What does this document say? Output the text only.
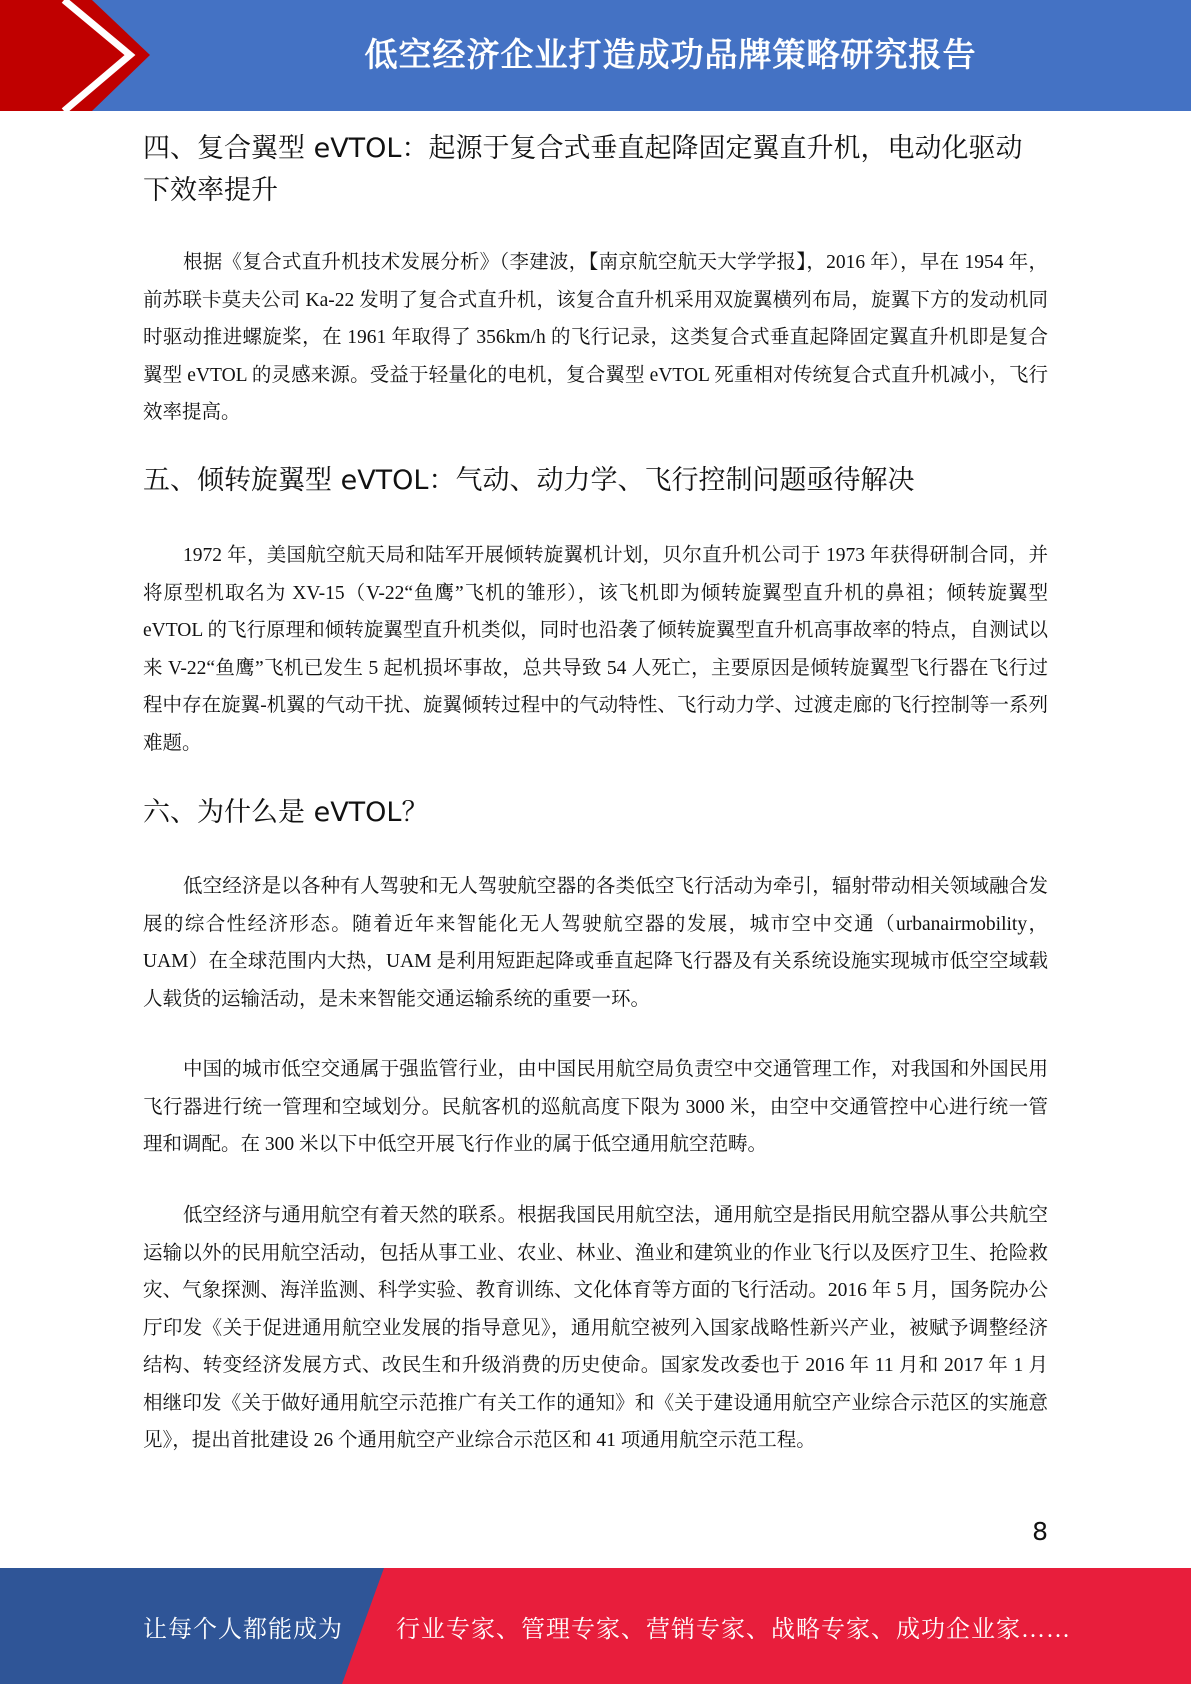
低空经济企业打造成功品牌策略研究报告
四、复合翼型 eVTOL：起源于复合式垂直起降固定翼直升机，电动化驱动下效率提升

根据《复合式直升机技术发展分析》（李建波，【南京航空航天大学学报】，2016 年），早在 1954 年，前苏联卡莫夫公司 Ka-22 发明了复合式直升机，该复合直升机采用双旋翼横列布局，旋翼下方的发动机同时驱动推进螺旋桨，在 1961 年取得了 356km/h 的飞行记录，这类复合式垂直起降固定翼直升机即是复合翼型 eVTOL 的灵感来源。受益于轻量化的电机，复合翼型 eVTOL 死重相对传统复合式直升机减小，飞行效率提高。

五、倾转旋翼型 eVTOL：气动、动力学、飞行控制问题亟待解决

1972 年，美国航空航天局和陆军开展倾转旋翼机计划，贝尔直升机公司于 1973 年获得研制合同，并将原型机取名为 XV-15（V-22“鱼鹰”飞机的雏形），该飞机即为倾转旋翼型直升机的鼻祖；倾转旋翼型 eVTOL 的飞行原理和倾转旋翼型直升机类似，同时也沿袭了倾转旋翼型直升机高事故率的特点，自测试以来 V-22“鱼鹰”飞机已发生 5 起机损坏事故，总共导致 54 人死亡，主要原因是倾转旋翼型飞行器在飞行过程中存在旋翼-机翼的气动干扰、旋翼倾转过程中的气动特性、飞行动力学、过渡走廊的飞行控制等一系列难题。

六、为什么是 eVTOL？

低空经济是以各种有人驾驶和无人驾驶航空器的各类低空飞行活动为牵引，辐射带动相关领域融合发展的综合性经济形态。随着近年来智能化无人驾驶航空器的发展，城市空中交通（urbanairmobility，UAM）在全球范围内大热，UAM 是利用短距起降或垂直起降飞行器及有关系统设施实现城市低空空域载人载货的运输活动，是未来智能交通运输系统的重要一环。

中国的城市低空交通属于强监管行业，由中国民用航空局负责空中交通管理工作，对我国和外国民用飞行器进行统一管理和空域划分。民航客机的巡航高度下限为 3000 米，由空中交通管控中心进行统一管理和调配。在 300 米以下中低空开展飞行作业的属于低空通用航空范畴。

低空经济与通用航空有着天然的联系。根据我国民用航空法，通用航空是指民用航空器从事公共航空运输以外的民用航空活动，包括从事工业、农业、林业、渔业和建筑业的作业飞行以及医疗卫生、抢险救灾、气象探测、海洋监测、科学实验、教育训练、文化体育等方面的飞行活动。2016 年 5 月，国务院办公厅印发《关于促进通用航空业发展的指导意见》，通用航空被列入国家战略性新兴产业，被赋予调整经济结构、转变经济发展方式、改民生和升级消费的历史使命。国家发改委也于 2016 年 11 月和 2017 年 1 月相继印发《关于做好通用航空示范推广有关工作的通知》和《关于建设通用航空产业综合示范区的实施意见》，提出首批建设 26 个通用航空产业综合示范区和 41 项通用航空示范工程。

8
让每个人都能成为 行业专家、管理专家、营销专家、战略专家、成功企业家……
